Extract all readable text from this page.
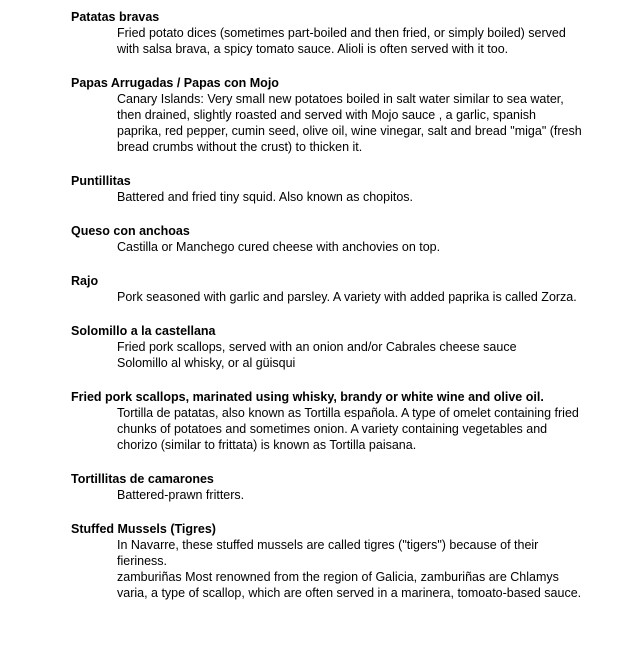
Patatas bravas

Fried potato dices (sometimes part-boiled and then fried, or simply boiled) served with salsa brava, a spicy tomato sauce. Alioli is often served with it too.

Papas Arrugadas / Papas con Mojo

Canary Islands: Very small new potatoes boiled in salt water similar to sea water, then drained, slightly roasted and served with Mojo sauce , a garlic, spanish paprika, red pepper, cumin seed, olive oil, wine vinegar, salt and bread "miga" (fresh bread crumbs without the crust) to thicken it.

Puntillitas

Battered and fried tiny squid. Also known as chopitos.

Queso con anchoas

Castilla or Manchego cured cheese with anchovies on top.

Rajo

Pork seasoned with garlic and parsley. A variety with added paprika is called Zorza.

Solomillo a la castellana

Fried pork scallops, served with an onion and/or Cabrales cheese sauce

Solomillo al whisky, or al güisqui

Fried pork scallops, marinated using whisky, brandy or white wine and olive oil.

Tortilla de patatas, also known as Tortilla española. A type of omelet containing fried chunks of potatoes and sometimes onion. A variety containing vegetables and chorizo (similar to frittata) is known as Tortilla paisana.

Tortillitas de camarones

Battered-prawn fritters.

Stuffed Mussels (Tigres)

In Navarre, these stuffed mussels are called tigres ("tigers") because of their fieriness.

zamburiñas Most renowned from the region of Galicia, zamburiñas are Chlamys varia, a type of scallop, which are often served in a marinera, tomoato-based sauce.
